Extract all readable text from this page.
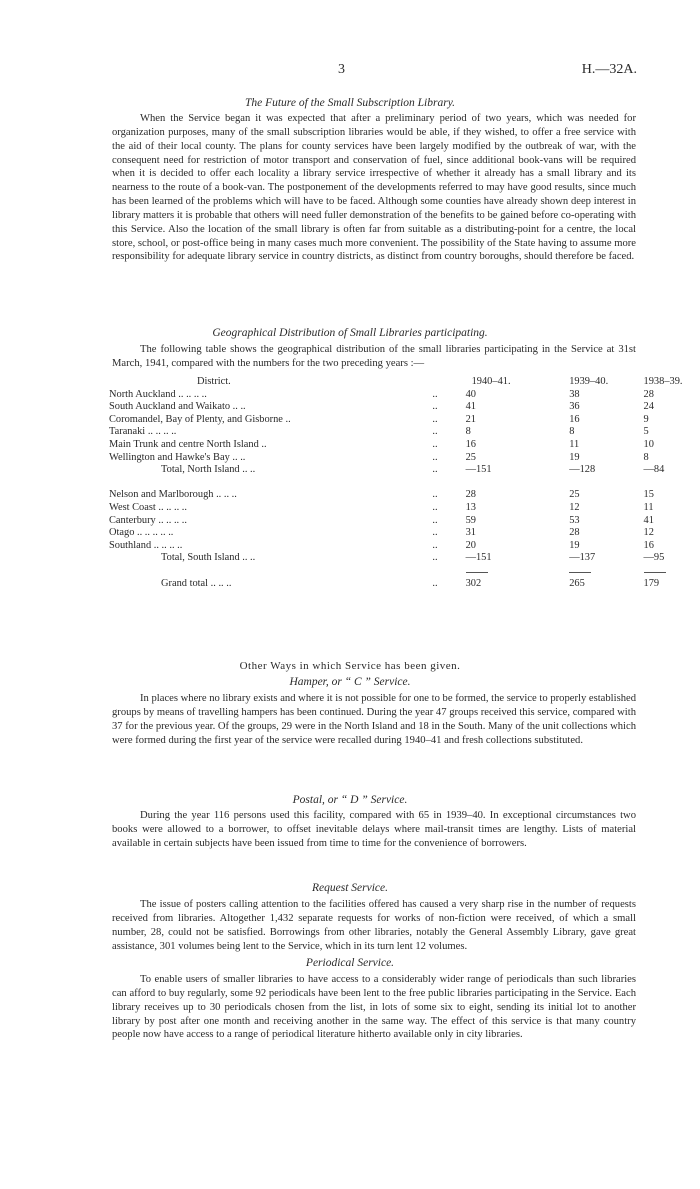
3	H.—32A.
The Future of the Small Subscription Library.

When the Service began it was expected that after a preliminary period of two years, which was needed for organization purposes, many of the small subscription libraries would be able, if they wished, to offer a free service with the aid of their local county. The plans for county services have been largely modified by the outbreak of war, with the consequent need for restriction of motor transport and conservation of fuel, since additional book-vans will be required when it is decided to offer each locality a library service irrespective of whether it already has a small library and its nearness to the route of a book-van. The postponement of the developments referred to may have good results, since much has been learned of the problems which will have to be faced. Although some counties have already shown deep interest in library matters it is probable that others will need fuller demonstration of the benefits to be gained before co-operating with this Service. Also the location of the small library is often far from suitable as a distributing-point for a centre, the local store, school, or post-office being in many cases much more convenient. The possibility of the State having to assume more responsibility for adequate library service in country districts, as distinct from country boroughs, should therefore be faced.

Geographical Distribution of Small Libraries participating.

The following table shows the geographical distribution of the small libraries participating in the Service at 31st March, 1941, compared with the numbers for the two preceding years :—

District.		1940–41.	1939–40.	1938–39.
North Auckland .. .. .. ..	..	40	38	28
South Auckland and Waikato .. ..	..	41	36	24
Coromandel, Bay of Plenty, and Gisborne ..	..	21	16	9
Taranaki .. .. .. ..	..	8	8	5
Main Trunk and centre North Island ..	..	16	11	10
Wellington and Hawke's Bay .. ..	..	25	19	8
Total, North Island .. ..	..	—151	—128	—84

Nelson and Marlborough .. .. ..	..	28	25	15
West Coast .. .. .. ..	..	13	12	11
Canterbury .. .. .. ..	..	59	53	41
Otago .. .. .. .. ..	..	31	28	12
Southland .. .. .. ..	..	20	19	16
Total, South Island .. ..	..	—151	—137	—95

Grand total .. .. ..	..	302	265	179
Other Ways in which Service has been given.
Hamper, or “ C ” Service.

In places where no library exists and where it is not possible for one to be formed, the service to properly established groups by means of travelling hampers has been continued. During the year 47 groups received this service, compared with 37 for the previous year. Of the groups, 29 were in the North Island and 18 in the South. Many of the unit collections which were formed during the first year of the service were recalled during 1940–41 and fresh collections substituted.

Postal, or “ D ” Service.

During the year 116 persons used this facility, compared with 65 in 1939–40. In exceptional circumstances two books were allowed to a borrower, to offset inevitable delays where mail-transit times are lengthy. Lists of material available in certain subjects have been issued from time to time for the convenience of borrowers.

Request Service.

The issue of posters calling attention to the facilities offered has caused a very sharp rise in the number of requests received from libraries. Altogether 1,432 separate requests for works of non-fiction were received, of which a small number, 28, could not be satisfied. Borrowings from other libraries, notably the General Assembly Library, gave great assistance, 301 volumes being lent to the Service, which in its turn lent 12 volumes.

Periodical Service.

To enable users of smaller libraries to have access to a considerably wider range of periodicals than such libraries can afford to buy regularly, some 92 periodicals have been lent to the free public libraries participating in the Service. Each library receives up to 30 periodicals chosen from the list, in lots of some six to eight, sending its initial lot to another library by post after one month and receiving another in the same way. The effect of this service is that many country people now have access to a range of periodical literature hitherto available only in city libraries.
